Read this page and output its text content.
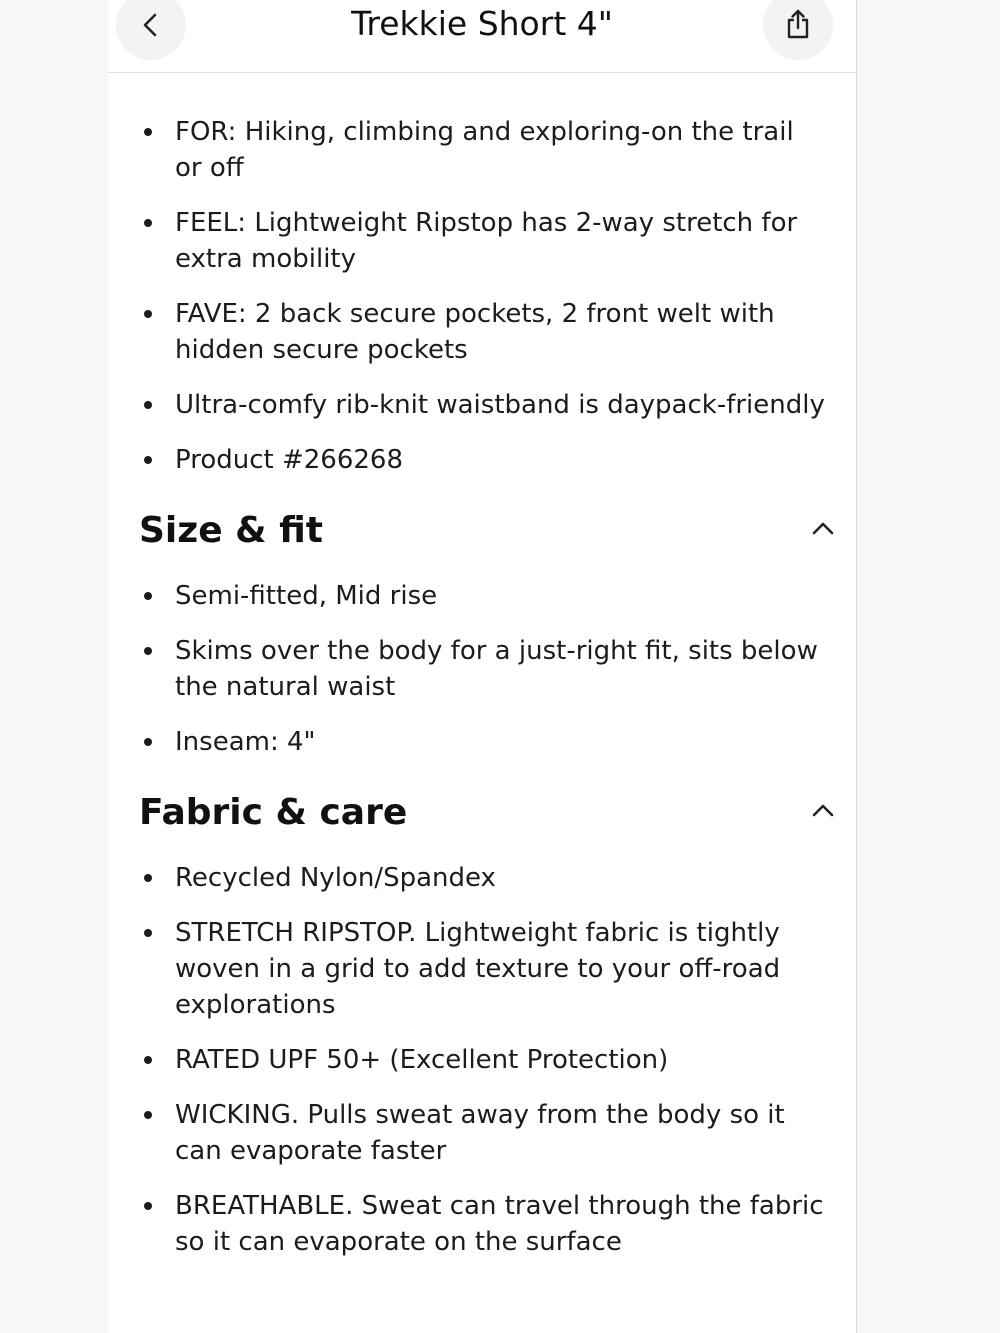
Trekkie Short 4"
FOR: Hiking, climbing and exploring-on the trail or off
FEEL: Lightweight Ripstop has 2-way stretch for extra mobility
FAVE: 2 back secure pockets, 2 front welt with hidden secure pockets
Ultra-comfy rib-knit waistband is daypack-friendly
Product #266268
Size & fit
Semi-fitted, Mid rise
Skims over the body for a just-right fit, sits below the natural waist
Inseam: 4"
Fabric & care
Recycled Nylon/Spandex
STRETCH RIPSTOP. Lightweight fabric is tightly woven in a grid to add texture to your off-road explorations
RATED UPF 50+ (Excellent Protection)
WICKING. Pulls sweat away from the body so it can evaporate faster
BREATHABLE. Sweat can travel through the fabric so it can evaporate on the surface
